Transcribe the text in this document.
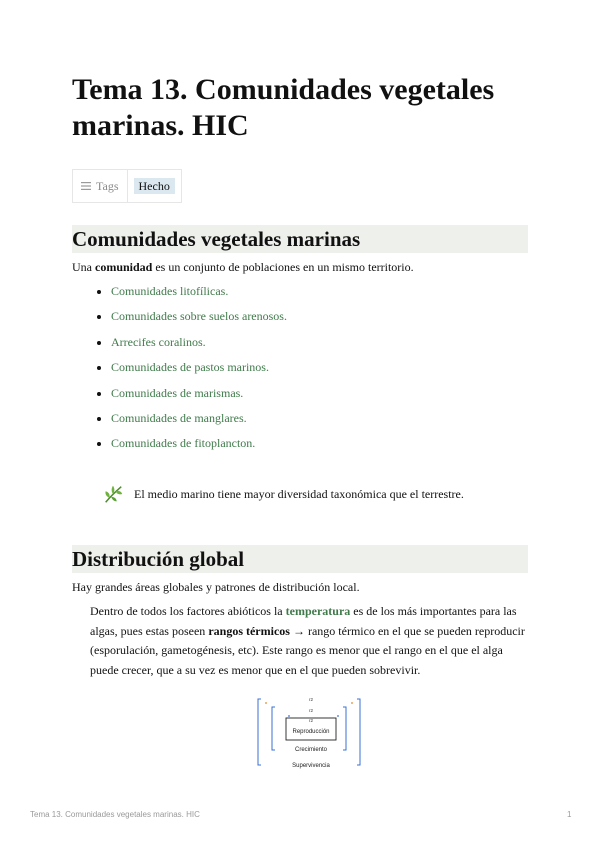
Tema 13. Comunidades vegetales marinas. HIC
Tags	Hecho
Comunidades vegetales marinas

Una comunidad es un conjunto de poblaciones en un mismo territorio.

• Comunidades litofílicas.
• Comunidades sobre suelos arenosos.
• Arrecifes coralinos.
• Comunidades de pastos marinos.
• Comunidades de marismas.
• Comunidades de manglares.
• Comunidades de fitoplancton.
El medio marino tiene mayor diversidad taxonómica que el terrestre.
Distribución global

Hay grandes áreas globales y patrones de distribución local.

Dentro de todos los factores abióticos la temperatura es de los más importantes para las algas, pues estas poseen rangos térmicos → rango térmico en el que se pueden reproducir (esporulación, gametogénesis, etc). Este rango es menor que el rango en el que el alga puede crecer, que a su vez es menor que en el que pueden sobrevivir.

r2
r2
r2
Reproducción
Crecimiento
Supervivencia
Tema 13. Comunidades vegetales marinas. HIC	1
